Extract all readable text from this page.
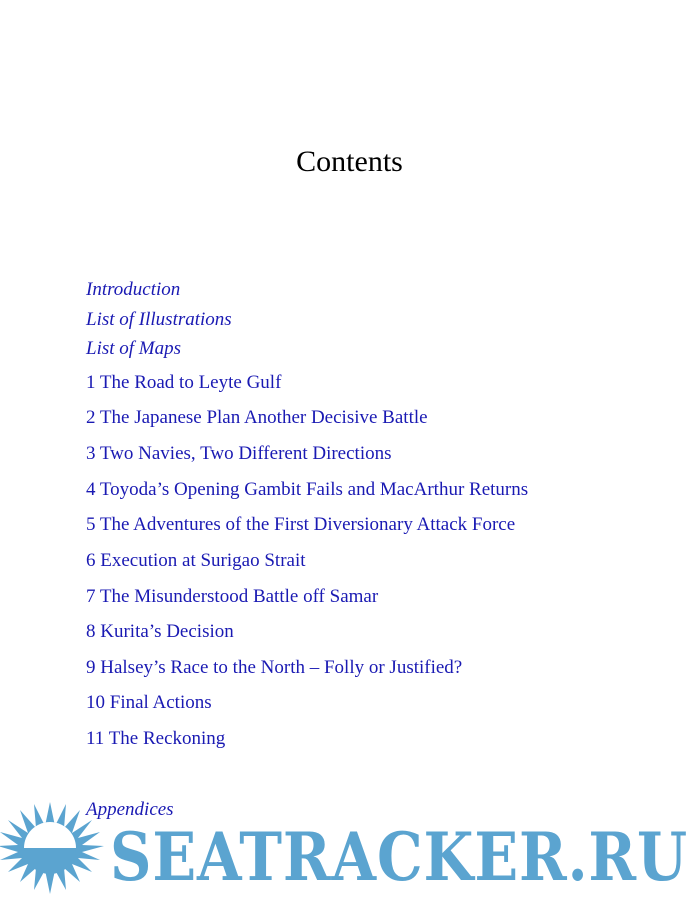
Contents
Introduction
List of Illustrations
List of Maps
1 The Road to Leyte Gulf
2 The Japanese Plan Another Decisive Battle
3 Two Navies, Two Different Directions
4 Toyoda’s Opening Gambit Fails and MacArthur Returns
5 The Adventures of the First Diversionary Attack Force
6 Execution at Surigao Strait
7 The Misunderstood Battle off Samar
8 Kurita’s Decision
9 Halsey’s Race to the North – Folly or Justified?
10 Final Actions
11 The Reckoning
Appendices
SEATRACKER.RU
